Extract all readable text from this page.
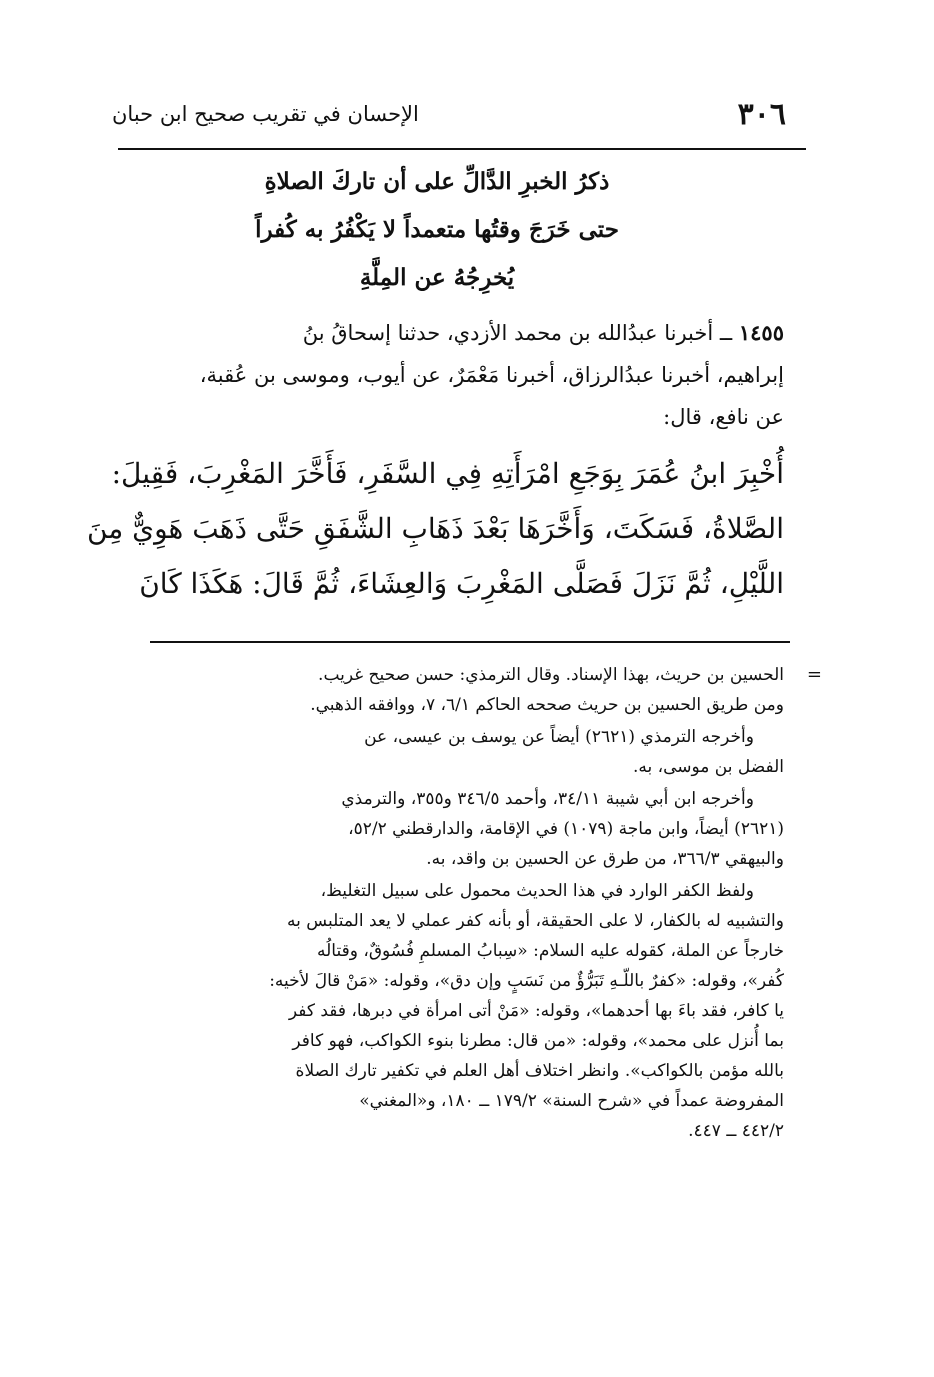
٣٠٦
الإحسان في تقريب صحيح ابن حبان
ذكرُ الخبرِ الدَّالِّ على أن تاركَ الصلاةِ
حتى خَرَجَ وقتُها متعمداً لا يَكْفُرُ به كُفراً
يُخرِجُهُ عن المِلَّةِ
١٤٥٥ ــ أخبرنا عبدُالله بن محمد الأزدي، حدثنا إسحاقُ بنُ
إبراهيم، أخبرنا عبدُالرزاق، أخبرنا مَعْمَرٌ، عن أيوب، وموسى بن عُقبة،
عن نافع، قال:
أُخْبِرَ ابنُ عُمَرَ بِوَجَعِ امْرَأَتِهِ فِي السَّفَرِ، فَأَخَّرَ المَغْرِبَ، فَقِيلَ:
الصَّلاةُ، فَسَكَتَ، وَأَخَّرَهَا بَعْدَ ذَهَابِ الشَّفَقِ حَتَّى ذَهَبَ هَوِيٌّ مِنَ
اللَّيْلِ، ثُمَّ نَزَلَ فَصَلَّى المَغْرِبَ وَالعِشَاءَ، ثُمَّ قَالَ: هَكَذَا كَانَ
=
الحسين بن حريث، بهذا الإسناد. وقال الترمذي: حسن صحيح غريب.
ومن طريق الحسين بن حريث صححه الحاكم ٦/١، ٧، ووافقه الذهبي.
وأخرجه الترمذي (٢٦٢١) أيضاً عن يوسف بن عيسى، عن
الفضل بن موسى، به.
وأخرجه ابن أبي شيبة ٣٤/١١، وأحمد ٣٤٦/٥ و٣٥٥، والترمذي
(٢٦٢١) أيضاً، وابن ماجة (١٠٧٩) في الإقامة، والدارقطني ٥٢/٢،
والبيهقي ٣٦٦/٣، من طرق عن الحسين بن واقد، به.
ولفظ الكفر الوارد في هذا الحديث محمول على سبيل التغليظ،
والتشبيه له بالكفار، لا على الحقيقة، أو بأنه كفر عملي لا يعد المتلبس به
خارجاً عن الملة، كقوله عليه السلام: «سِبابُ المسلمِ فُسُوقٌ، وقتالُه
كُفر»، وقوله: «كفرٌ باللّـهِ تَبَرُّؤٌ من نَسَبٍ وإن دق»، وقوله: «مَنْ قالَ لأخيه:
يا كافر، فقد باءَ بها أحدهما»، وقوله: «مَنْ أتى امرأة في دبرها، فقد كفر
بما أُنزل على محمد»، وقوله: «من قال: مطرنا بنوء الكواكب، فهو كافر
بالله مؤمن بالكواكب». وانظر اختلاف أهل العلم في تكفير تارك الصلاة
المفروضة عمداً في «شرح السنة» ١٧٩/٢ ــ ١٨٠، و«المغني»
٤٤٢/٢ ــ ٤٤٧.
